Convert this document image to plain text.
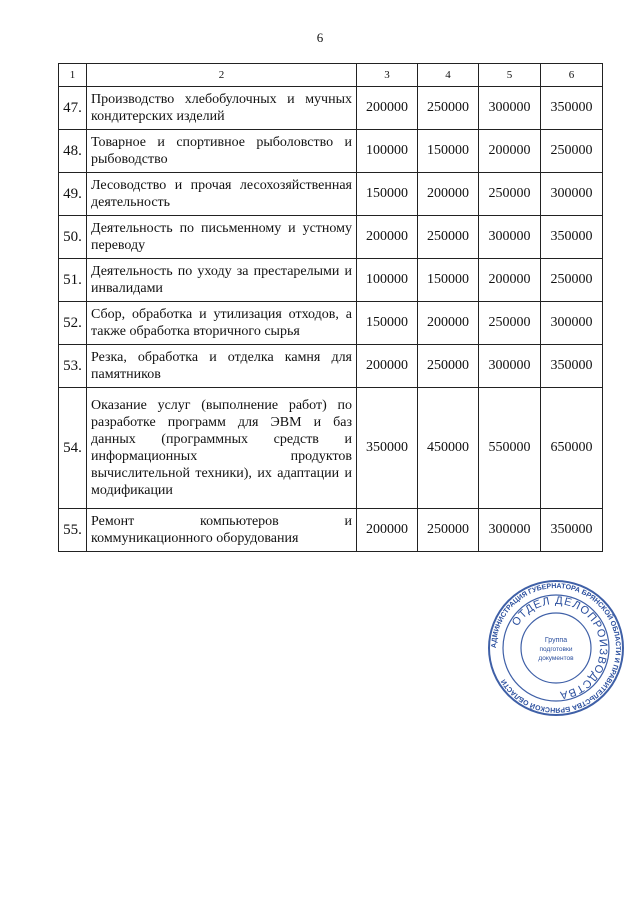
6
1	2	3	4	5	6
47.	Производство хлебобулочных и мучных кондитерских изделий	200000	250000	300000	350000
48.	Товарное и спортивное рыболовство и рыбоводство	100000	150000	200000	250000
49.	Лесоводство и прочая лесохозяйственная деятельность	150000	200000	250000	300000
50.	Деятельность по письменному и устному переводу	200000	250000	300000	350000
51.	Деятельность по уходу за престарелыми и инвалидами	100000	150000	200000	250000
52.	Сбор, обработка и утилизация отходов, а также обработка вторичного сырья	150000	200000	250000	300000
53.	Резка, обработка и отделка камня для памятников	200000	250000	300000	350000
54.	Оказание услуг (выполнение работ) по разработке программ для ЭВМ и баз данных (программных средств и информационных продуктов вычислительной техники), их адаптации и модификации	350000	450000	550000	650000
55.	Ремонт компьютеров и коммуникационного оборудования	200000	250000	300000	350000
АДМИНИСТРАЦИЯ ГУБЕРНАТОРА БРЯНСКОЙ ОБЛАСТИ И ПРАВИТЕЛЬСТВА БРЯНСКОЙ ОБЛАСТИ
ОТДЕЛ ДЕЛОПРОИЗВОДСТВА
Группа
подготовки
документов
